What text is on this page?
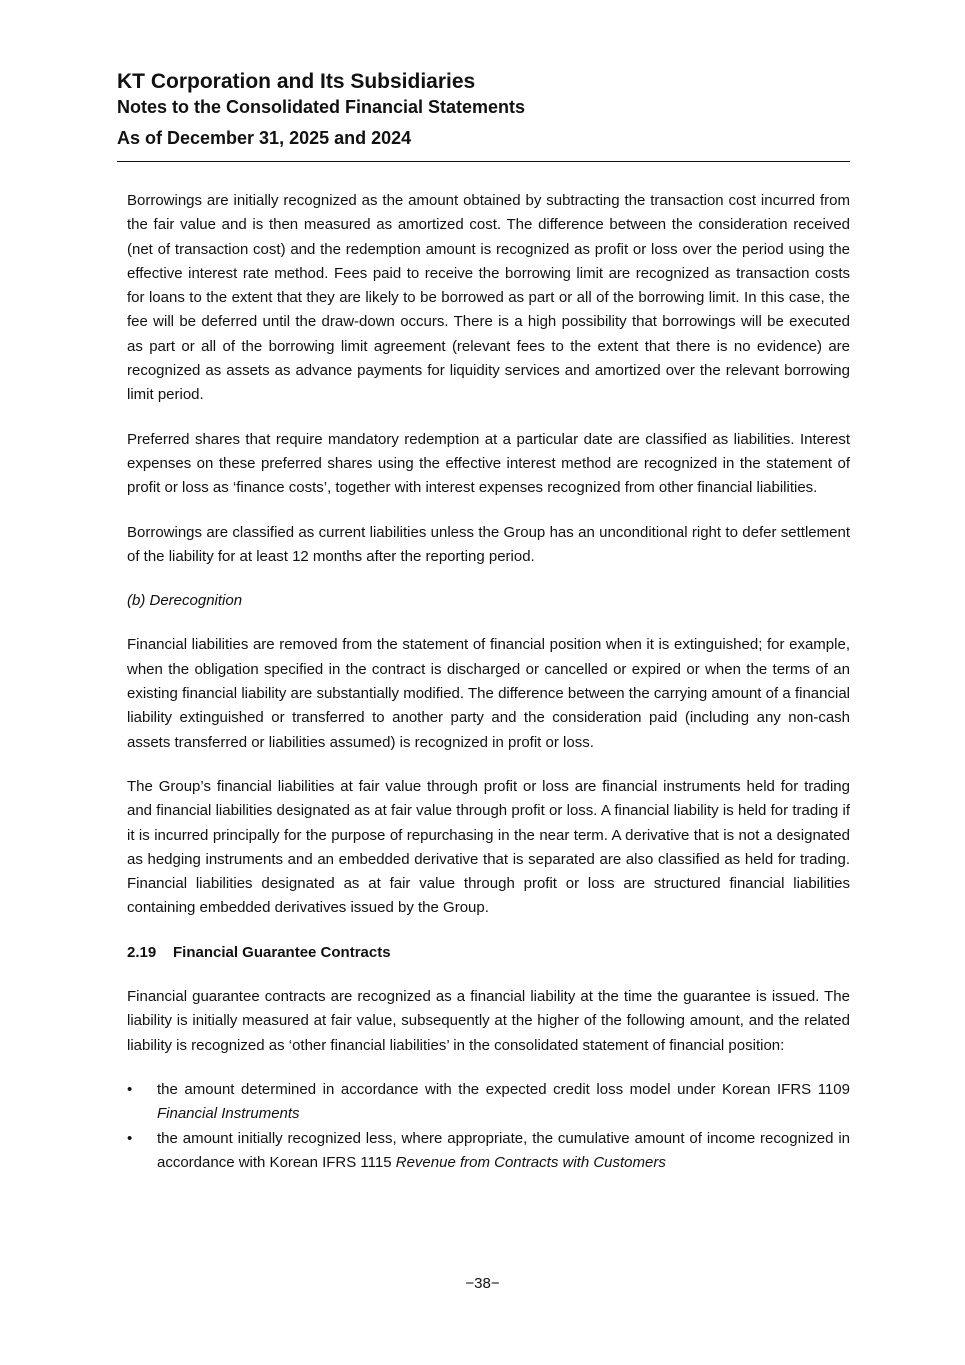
KT Corporation and Its Subsidiaries
Notes to the Consolidated Financial Statements
As of December 31, 2025 and 2024

Borrowings are initially recognized as the amount obtained by subtracting the transaction cost incurred from the fair value and is then measured as amortized cost. The difference between the consideration received (net of transaction cost) and the redemption amount is recognized as profit or loss over the period using the effective interest rate method. Fees paid to receive the borrowing limit are recognized as transaction costs for loans to the extent that they are likely to be borrowed as part or all of the borrowing limit. In this case, the fee will be deferred until the draw-down occurs. There is a high possibility that borrowings will be executed as part or all of the borrowing limit agreement (relevant fees to the extent that there is no evidence) are recognized as assets as advance payments for liquidity services and amortized over the relevant borrowing limit period.

Preferred shares that require mandatory redemption at a particular date are classified as liabilities. Interest expenses on these preferred shares using the effective interest method are recognized in the statement of profit or loss as ‘finance costs’, together with interest expenses recognized from other financial liabilities.

Borrowings are classified as current liabilities unless the Group has an unconditional right to defer settlement of the liability for at least 12 months after the reporting period.

(b) Derecognition

Financial liabilities are removed from the statement of financial position when it is extinguished; for example, when the obligation specified in the contract is discharged or cancelled or expired or when the terms of an existing financial liability are substantially modified. The difference between the carrying amount of a financial liability extinguished or transferred to another party and the consideration paid (including any non-cash assets transferred or liabilities assumed) is recognized in profit or loss.

The Group’s financial liabilities at fair value through profit or loss are financial instruments held for trading and financial liabilities designated as at fair value through profit or loss. A financial liability is held for trading if it is incurred principally for the purpose of repurchasing in the near term. A derivative that is not a designated as hedging instruments and an embedded derivative that is separated are also classified as held for trading. Financial liabilities designated as at fair value through profit or loss are structured financial liabilities containing embedded derivatives issued by the Group.

2.19 Financial Guarantee Contracts

Financial guarantee contracts are recognized as a financial liability at the time the guarantee is issued. The liability is initially measured at fair value, subsequently at the higher of the following amount, and the related liability is recognized as ‘other financial liabilities’ in the consolidated statement of financial position:

• the amount determined in accordance with the expected credit loss model under Korean IFRS 1109 Financial Instruments
• the amount initially recognized less, where appropriate, the cumulative amount of income recognized in accordance with Korean IFRS 1115 Revenue from Contracts with Customers
−38−
